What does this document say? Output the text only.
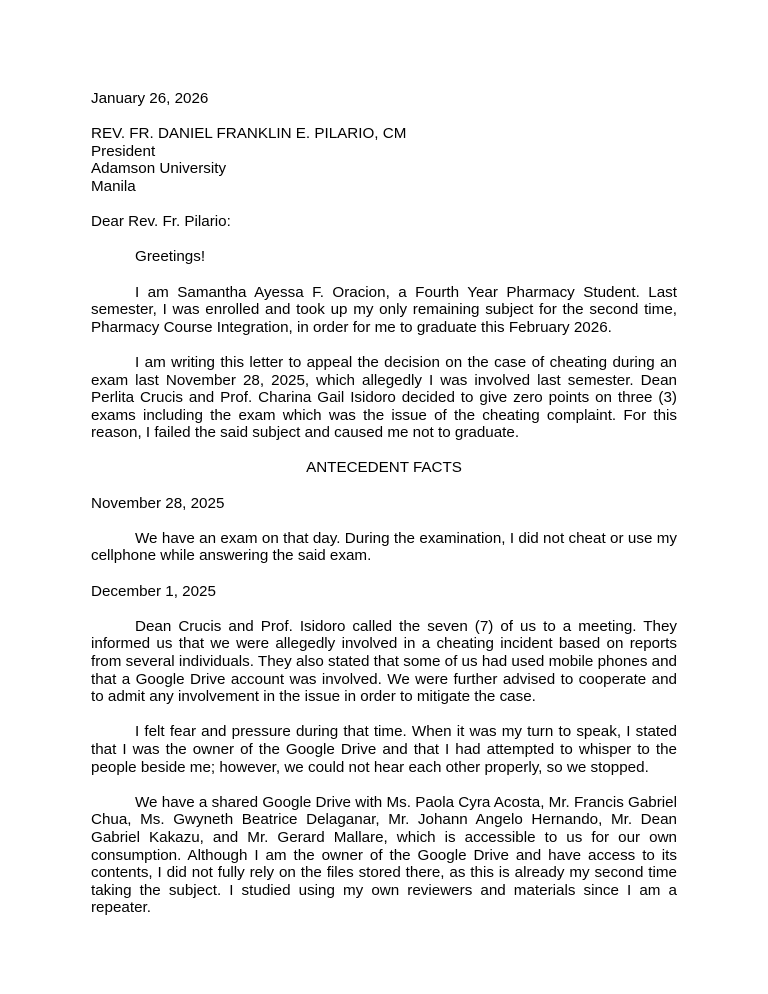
January 26, 2026

REV. FR. DANIEL FRANKLIN E. PILARIO, CM

President

Adamson University

Manila

Dear Rev. Fr. Pilario:

Greetings!

I am Samantha Ayessa F. Oracion, a Fourth Year Pharmacy Student. Last semester, I was enrolled and took up my only remaining subject for the second time, Pharmacy Course Integration, in order for me to graduate this February 2026.

I am writing this letter to appeal the decision on the case of cheating during an exam last November 28, 2025, which allegedly I was involved last semester. Dean Perlita Crucis and Prof. Charina Gail Isidoro decided to give zero points on three (3) exams including the exam which was the issue of the cheating complaint. For this reason, I failed the said subject and caused me not to graduate.

ANTECEDENT FACTS

November 28, 2025

We have an exam on that day. During the examination, I did not cheat or use my cellphone while answering the said exam.

December 1, 2025

Dean Crucis and Prof. Isidoro called the seven (7) of us to a meeting. They informed us that we were allegedly involved in a cheating incident based on reports from several individuals. They also stated that some of us had used mobile phones and that a Google Drive account was involved. We were further advised to cooperate and to admit any involvement in the issue in order to mitigate the case.

I felt fear and pressure during that time. When it was my turn to speak, I stated that I was the owner of the Google Drive and that I had attempted to whisper to the people beside me; however, we could not hear each other properly, so we stopped.

We have a shared Google Drive with Ms. Paola Cyra Acosta, Mr. Francis Gabriel Chua, Ms. Gwyneth Beatrice Delaganar, Mr. Johann Angelo Hernando, Mr. Dean Gabriel Kakazu, and Mr. Gerard Mallare, which is accessible to us for our own consumption. Although I am the owner of the Google Drive and have access to its contents, I did not fully rely on the files stored there, as this is already my second time taking the subject. I studied using my own reviewers and materials since I am a repeater.
